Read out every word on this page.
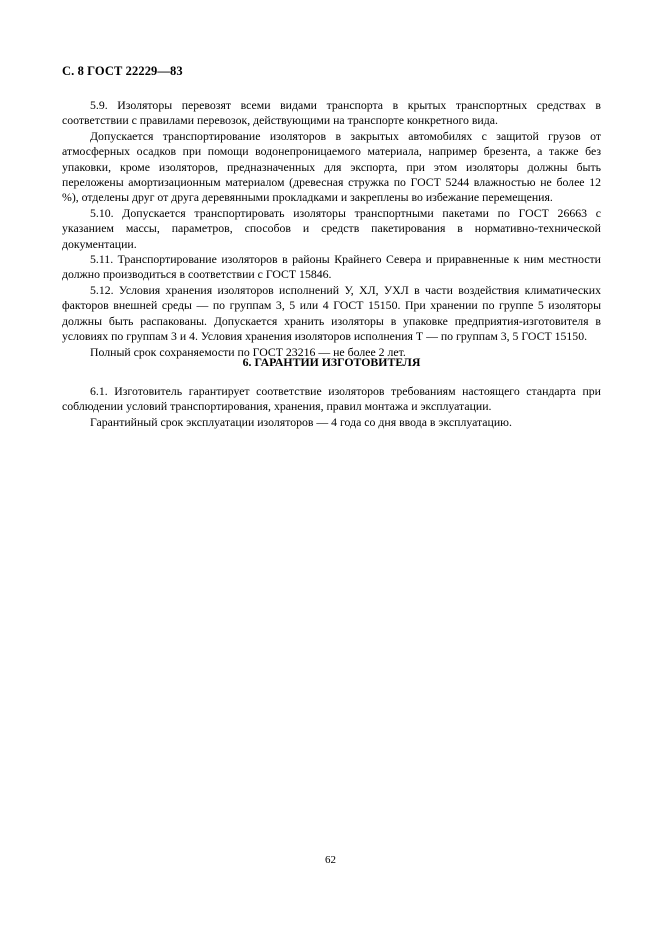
С. 8 ГОСТ 22229—83

5.9. Изоляторы перевозят всеми видами транспорта в крытых транспортных средствах в соответствии с правилами перевозок, действующими на транспорте конкретного вида.

Допускается транспортирование изоляторов в закрытых автомобилях с защитой грузов от атмосферных осадков при помощи водонепроницаемого материала, например брезента, а также без упаковки, кроме изоляторов, предназначенных для экспорта, при этом изоляторы должны быть переложены амортизационным материалом (древесная стружка по ГОСТ 5244 влажностью не более 12 %), отделены друг от друга деревянными прокладками и закреплены во избежание перемещения.

5.10. Допускается транспортировать изоляторы транспортными пакетами по ГОСТ 26663 с указанием массы, параметров, способов и средств пакетирования в нормативно-технической документации.

5.11. Транспортирование изоляторов в районы Крайнего Севера и приравненные к ним местности должно производиться в соответствии с ГОСТ 15846.

5.12. Условия хранения изоляторов исполнений У, ХЛ, УХЛ в части воздействия климатических факторов внешней среды — по группам 3, 5 или 4 ГОСТ 15150. При хранении по группе 5 изоляторы должны быть распакованы. Допускается хранить изоляторы в упаковке предприятия-изготовителя в условиях по группам 3 и 4. Условия хранения изоляторов исполнения Т — по группам 3, 5 ГОСТ 15150.

Полный срок сохраняемости по ГОСТ 23216 — не более 2 лет.

6. ГАРАНТИИ ИЗГОТОВИТЕЛЯ

6.1. Изготовитель гарантирует соответствие изоляторов требованиям настоящего стандарта при соблюдении условий транспортирования, хранения, правил монтажа и эксплуатации.

Гарантийный срок эксплуатации изоляторов — 4 года со дня ввода в эксплуатацию.

62
